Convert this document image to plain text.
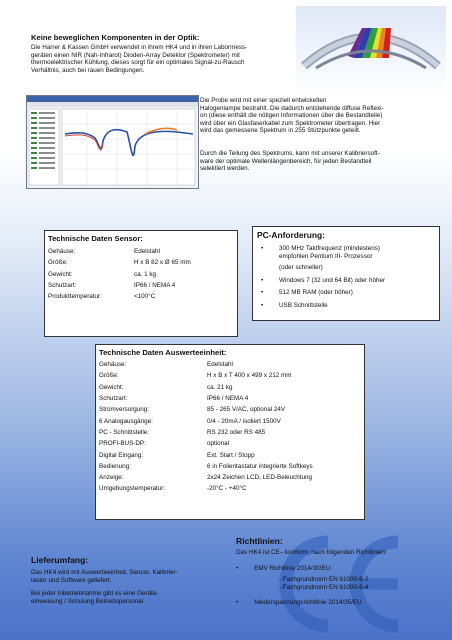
Keine beweglichen Komponenten in der Optik:
Die Harrer & Kassen GmbH verwendet in ihrem HK4 und in ihren Labormess-
geräten einen NIR (Nah-Infrarot) Dioden-Array Detektor (Spektrometer) mit
thermoelektrischer Kühlung, dieses sorgt für ein optimales Signal-zu-Rausch
Verhältnis, auch bei rauen Bedingungen.
Die Probe wird mit einer speziell entwickelten
Halogenlampe bestrahlt. Die dadurch entstehende diffuse Reflexi-
on (diese enthält die nötigen Informationen über die Bestandteile)
wird über ein Glasfaserkabel zum Spektrometer übertragen. Hier
wird das gemessene Spektrum in 255 Stützpunkte geteilt.
Durch die Teilung des Spektrums, kann mit unserer Kalibriersoft-
ware der optimale Wellenlängenbereich, für jeden Bestandteil
selektiert werden.
Technische Daten Sensor:
Gehäuse:	Edelstahl
Größe:	H x B 82 x Ø 65 mm
Gewicht:	ca. 1 kg
Schutzart:	IP66 / NEMA 4
Produkttemperatur:	<100°C
PC-Anforderung:
•	300 MHz Taktfrequenz (mindestens)
empfohlen Pentium III- Prozessor
(oder schneller)
•	Windows 7 (32 und 64 Bit) oder höher
•	512 MB RAM (oder höher)
•	USB Schnittstelle
Technische Daten Auswerteeinheit:
Gehäuse:	Edelstahl
Größe:	H x B x T 400 x 499 x 212 mm
Gewicht:	ca. 21 kg
Schutzart:	IP66 / NEMA 4
Stromversorgung:	85 - 265 V/AC, optional 24V
6 Analogausgänge:	0/4 - 20mA / isoliert 1500V
PC - Schnittstelle:	RS 232 oder RS 485
PROFI-BUS-DP:	optional
Digital Eingang:	Ext. Start / Stopp
Bedienung:	6 in Folientastatur integrierte Softkeys
Anzeige:	2x24 Zeichen LCD, LED-Beleuchtung
Umgebungstemperatur:	-20°C - +40°C
Lieferumfang:
Das HK4 wird mit Auswerteeinheit, Sensor, Kalibrier-
taster und Software geliefert.
Bei jeder Inbetriebnahme gibt es eine Geräte-
einweisung / Schulung Betriebspersonal.
Richtlinien:
Das HK4 ist CE– konform, nach folgenden Richtlinien:
•	EMV Richtlinie 2014/30/EU:
- Fachgrundnorm EN 61000-6-2
- Fachgrundnorm EN 61000-6-4
•	Niederspannungsrichtlinie 2014/35/EU
